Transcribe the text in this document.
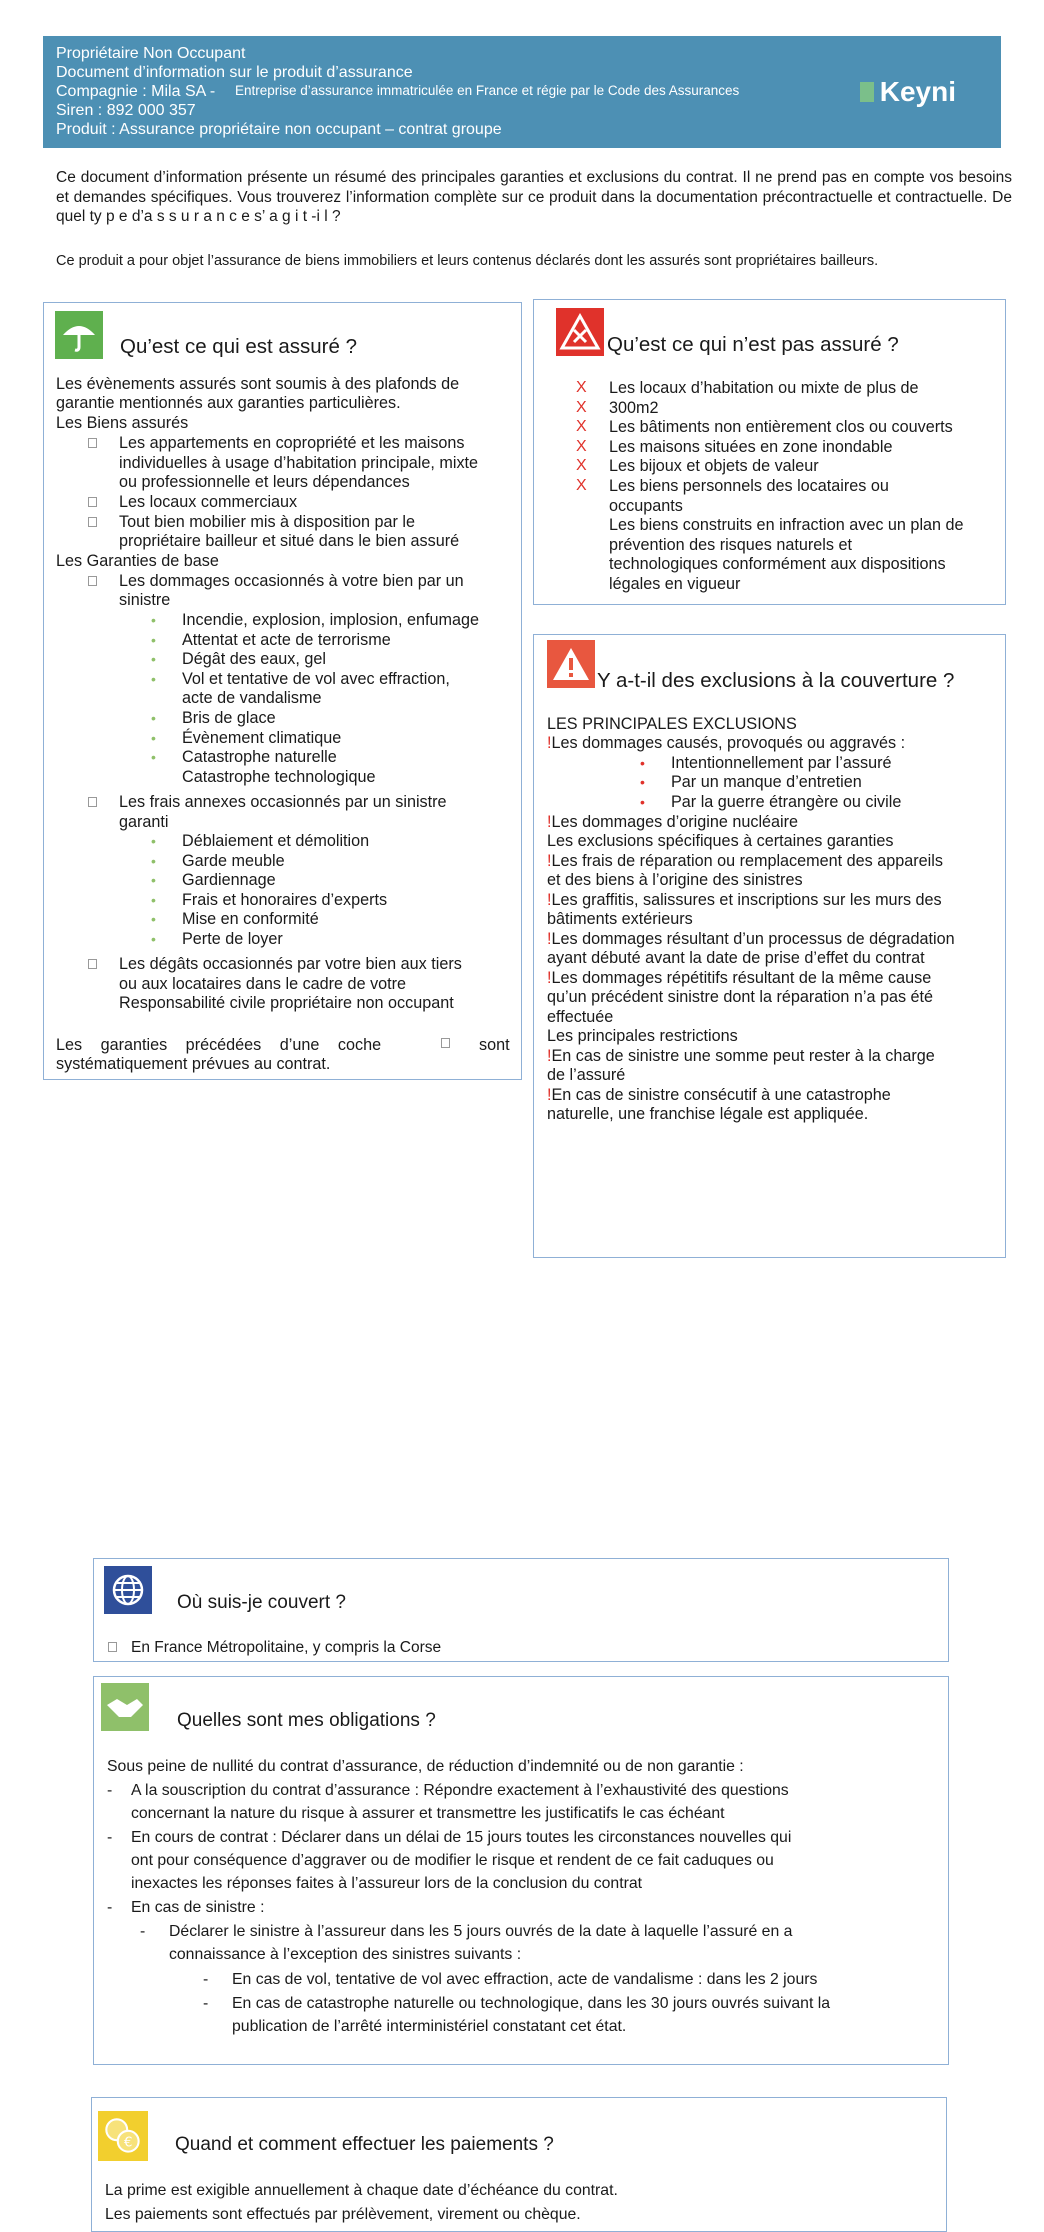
Propriétaire Non Occupant
Document d’information sur le produit d’assurance
Compagnie : Mila SA - Entreprise d’assurance immatriculée en France et régie par le Code des Assurances
Siren : 892 000 357
Produit : Assurance propriétaire non occupant – contrat groupe
Keyni
Ce document d’information présente un résumé des principales garanties et exclusions du contrat. Il ne prend pas en compte vos besoins et demandes spécifiques. Vous trouverez l’information complète sur ce produit dans la documentation précontractuelle et contractuelle. De quel ty p e d’a s s u r a n c e s’ a g i t -i l ?
Ce produit a pour objet l’assurance de biens immobiliers et leurs contenus déclarés dont les assurés sont propriétaires bailleurs.
Qu’est ce qui est assuré ?
Les évènements assurés sont soumis à des plafonds de
garantie mentionnés aux garanties particulières.
Les Biens assurés
Les appartements en copropriété et les maisons
individuelles à usage d’habitation principale, mixte
ou professionnelle et leurs dépendances
Les locaux commerciaux
Tout bien mobilier mis à disposition par le
propriétaire bailleur et situé dans le bien assuré
Les Garanties de base
Les dommages occasionnés à votre bien par un
sinistre
• Incendie, explosion, implosion, enfumage
• Attentat et acte de terrorisme
• Dégât des eaux, gel
• Vol et tentative de vol avec effraction,
acte de vandalisme
• Bris de glace
• Évènement climatique
• Catastrophe naturelle
Catastrophe technologique
Les frais annexes occasionnés par un sinistre
garanti
• Déblaiement et démolition
• Garde meuble
• Gardiennage
• Frais et honoraires d’experts
• Mise en conformité
• Perte de loyer
Les dégâts occasionnés par votre bien aux tiers
ou aux locataires dans le cadre de votre
Responsabilité civile propriétaire non occupant
Les garanties précédées d’une coche	sont
systématiquement prévues au contrat.
Qu’est ce qui n’est pas assuré ?
X Les locaux d’habitation ou mixte de plus de
X 300m2
X Les bâtiments non entièrement clos ou couverts
X Les maisons situées en zone inondable
X Les bijoux et objets de valeur
X Les biens personnels des locataires ou
occupants
Les biens construits en infraction avec un plan de
prévention des risques naturels et
technologiques conformément aux dispositions
légales en vigueur
Y a-t-il des exclusions à la couverture ?
LES PRINCIPALES EXCLUSIONS
!Les dommages causés, provoqués ou aggravés :
• Intentionnellement par l’assuré
• Par un manque d’entretien
• Par la guerre étrangère ou civile
!Les dommages d’origine nucléaire
Les exclusions spécifiques à certaines garanties
!Les frais de réparation ou remplacement des appareils
et des biens à l’origine des sinistres
!Les graffitis, salissures et inscriptions sur les murs des
bâtiments extérieurs
!Les dommages résultant d’un processus de dégradation
ayant débuté avant la date de prise d’effet du contrat
!Les dommages répétitifs résultant de la même cause
qu’un précédent sinistre dont la réparation n’a pas été
effectuée
Les principales restrictions
!En cas de sinistre une somme peut rester à la charge
de l’assuré
!En cas de sinistre consécutif à une catastrophe
naturelle, une franchise légale est appliquée.
Où suis-je couvert ?
En France Métropolitaine, y compris la Corse
Quelles sont mes obligations ?
Sous peine de nullité du contrat d’assurance, de réduction d’indemnité ou de non garantie :
- A la souscription du contrat d’assurance : Répondre exactement à l’exhaustivité des questions
concernant la nature du risque à assurer et transmettre les justificatifs le cas échéant
- En cours de contrat : Déclarer dans un délai de 15 jours toutes les circonstances nouvelles qui
ont pour conséquence d’aggraver ou de modifier le risque et rendent de ce fait caduques ou
inexactes les réponses faites à l’assureur lors de la conclusion du contrat
- En cas de sinistre :
- Déclarer le sinistre à l’assureur dans les 5 jours ouvrés de la date à laquelle l’assuré en a
connaissance à l’exception des sinistres suivants :
- En cas de vol, tentative de vol avec effraction, acte de vandalisme : dans les 2 jours
- En cas de catastrophe naturelle ou technologique, dans les 30 jours ouvrés suivant la
publication de l’arrêté interministériel constatant cet état.
€ Quand et comment effectuer les paiements ?
La prime est exigible annuellement à chaque date d’échéance du contrat.
Les paiements sont effectués par prélèvement, virement ou chèque.
